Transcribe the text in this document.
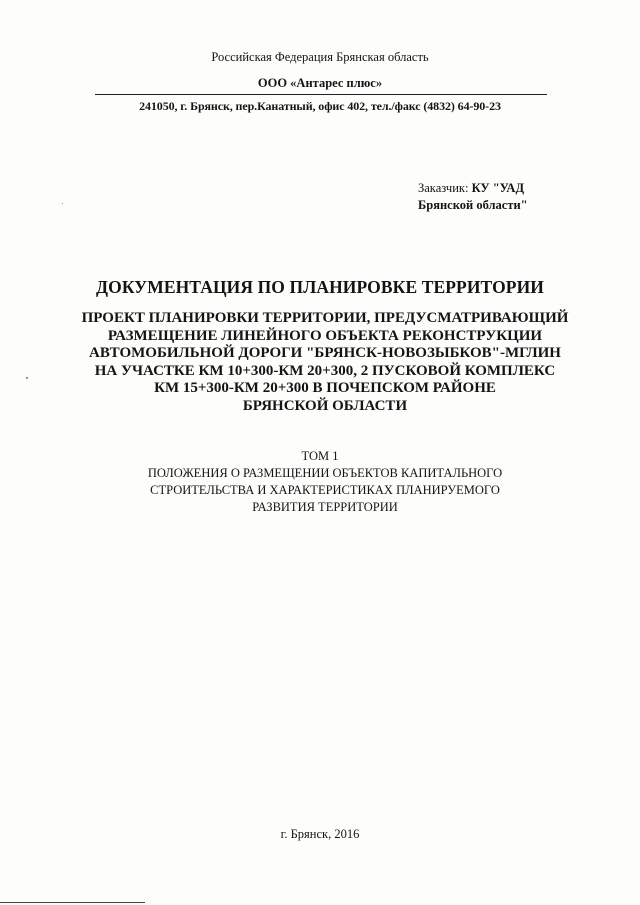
Российская Федерация Брянская область
ООО «Антарес плюс»
241050, г. Брянск, пер.Канатный, офис 402, тел./факс (4832) 64-90-23
Заказчик: КУ "УАД
Брянской области"
ДОКУМЕНТАЦИЯ ПО ПЛАНИРОВКЕ ТЕРРИТОРИИ
ПРОЕКТ ПЛАНИРОВКИ ТЕРРИТОРИИ, ПРЕДУСМАТРИВАЮЩИЙ
РАЗМЕЩЕНИЕ ЛИНЕЙНОГО ОБЪЕКТА РЕКОНСТРУКЦИИ
АВТОМОБИЛЬНОЙ ДОРОГИ "БРЯНСК-НОВОЗЫБКОВ"-МГЛИН
НА УЧАСТКЕ КМ 10+300-КМ 20+300, 2 ПУСКОВОЙ КОМПЛЕКС
КМ 15+300-КМ 20+300 В ПОЧЕПСКОМ РАЙОНЕ
БРЯНСКОЙ ОБЛАСТИ
ТОМ 1
ПОЛОЖЕНИЯ О РАЗМЕЩЕНИИ ОБЪЕКТОВ КАПИТАЛЬНОГО
СТРОИТЕЛЬСТВА И ХАРАКТЕРИСТИКАХ ПЛАНИРУЕМОГО
РАЗВИТИЯ ТЕРРИТОРИИ
г. Брянск, 2016
